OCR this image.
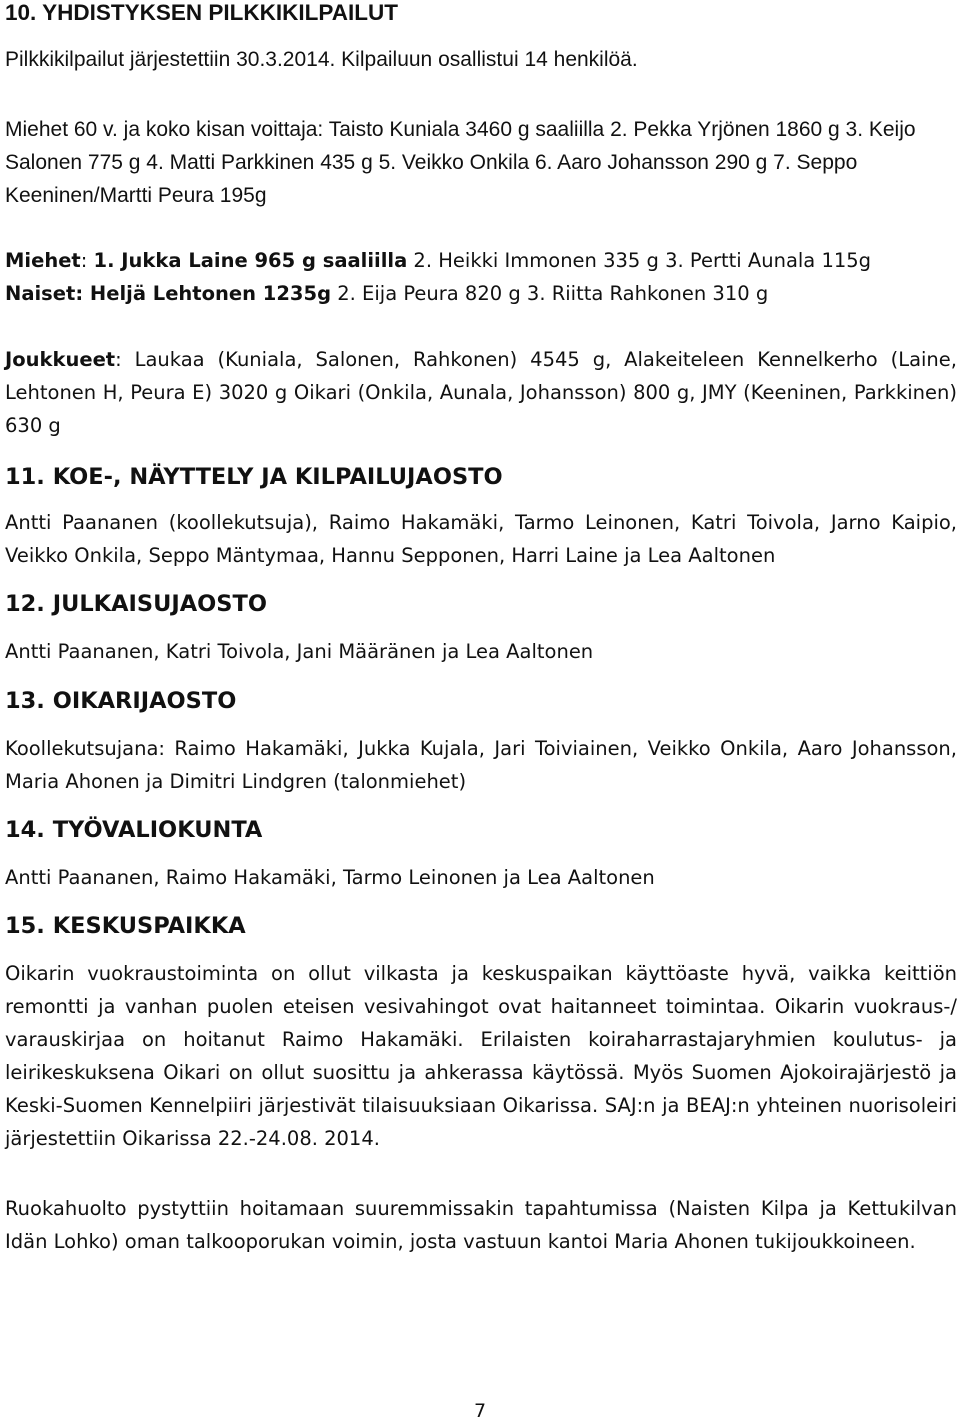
10. YHDISTYKSEN PILKKIKILPAILUT

Pilkkikilpailut järjestettiin 30.3.2014. Kilpailuun osallistui 14 henkilöä.

Miehet 60 v. ja koko kisan voittaja: Taisto Kuniala 3460 g saaliilla 2. Pekka Yrjönen 1860 g 3. Keijo Salonen 775 g 4. Matti Parkkinen 435 g 5. Veikko Onkila 6. Aaro Johansson 290 g 7. Seppo Keeninen/Martti Peura 195g

Miehet: 1. Jukka Laine 965 g saaliilla 2. Heikki Immonen 335 g 3. Pertti Aunala 115g

Naiset: Heljä Lehtonen 1235g 2. Eija Peura 820 g 3. Riitta Rahkonen 310 g

Joukkueet: Laukaa (Kuniala, Salonen, Rahkonen) 4545 g, Alakeiteleen Kennelkerho (Laine, Lehtonen H, Peura E) 3020 g Oikari (Onkila, Aunala, Johansson) 800 g, JMY (Keeninen, Parkkinen) 630 g

11. KOE-, NÄYTTELY JA KILPAILUJAOSTO

Antti Paananen (koollekutsuja), Raimo Hakamäki, Tarmo Leinonen, Katri Toivola, Jarno Kaipio, Veikko Onkila, Seppo Mäntymaa, Hannu Sepponen, Harri Laine ja Lea Aaltonen

12. JULKAISUJAOSTO

Antti Paananen, Katri Toivola, Jani Määränen ja Lea Aaltonen

13. OIKARIJAOSTO

Koollekutsujana: Raimo Hakamäki, Jukka Kujala, Jari Toiviainen, Veikko Onkila, Aaro Johansson, Maria Ahonen ja Dimitri Lindgren (talonmiehet)

14. TYÖVALIOKUNTA

Antti Paananen, Raimo Hakamäki, Tarmo Leinonen ja Lea Aaltonen

15. KESKUSPAIKKA

Oikarin vuokraustoiminta on ollut vilkasta ja keskuspaikan käyttöaste hyvä, vaikka keittiön remontti ja vanhan puolen eteisen vesivahingot ovat haitanneet toimintaa. Oikarin vuokraus-/ varauskirjaa on hoitanut Raimo Hakamäki. Erilaisten koiraharrastajaryhmien koulutus- ja leirikeskuksena Oikari on ollut suosittu ja ahkerassa käytössä. Myös Suomen Ajokoirajärjestö ja Keski-Suomen Kennelpiiri järjestivät tilaisuuksiaan Oikarissa. SAJ:n ja BEAJ:n yhteinen nuorisoleiri järjestettiin Oikarissa 22.-24.08. 2014.

Ruokahuolto pystyttiin hoitamaan suuremmissakin tapahtumissa (Naisten Kilpa ja Kettukilvan Idän Lohko) oman talkooporukan voimin, josta vastuun kantoi Maria Ahonen tukijoukkoineen.

7
